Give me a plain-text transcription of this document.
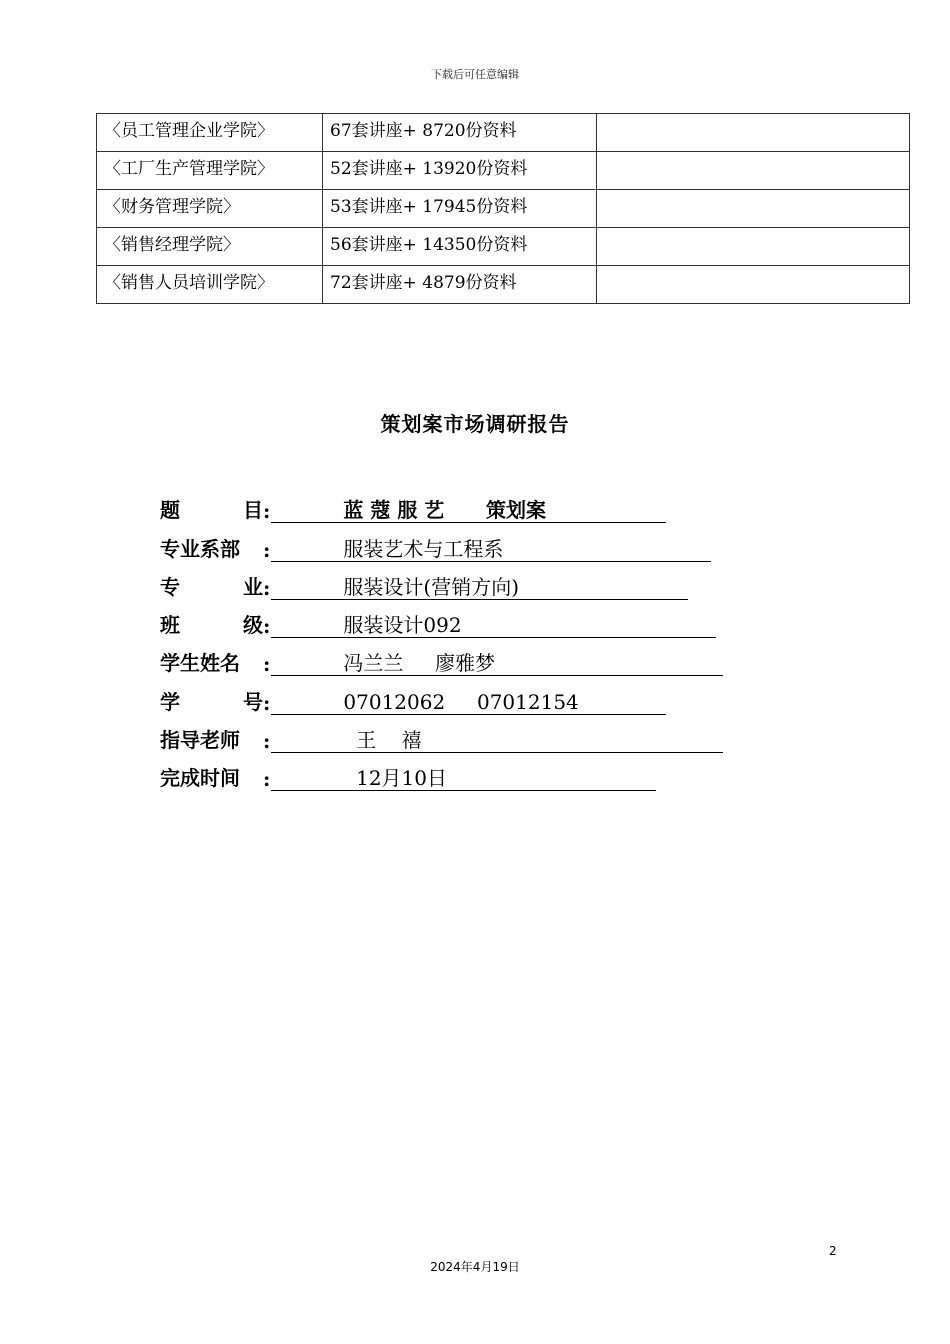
下载后可任意编辑
〈员工管理企业学院〉	67套讲座+ 8720份资料	
〈工厂生产管理学院〉	52套讲座+ 13920份资料	
〈财务管理学院〉	53套讲座+ 17945份资料	
〈销售经理学院〉	56套讲座+ 14350份资料	
〈销售人员培训学院〉	72套讲座+ 4879份资料	
策划案市场调研报告
题	目 :	蓝 蔻 服 艺      策划案
专业系部	:	服装艺术与工程系
专	业 :	服装设计(营销方向)
班	级 :	服装设计092
学生姓名	:	冯兰兰     廖雅梦
学	号 :	07012062     07012154
指导老师	:	王    禧
完成时间	:	12月10日
2
2024年4月19日
